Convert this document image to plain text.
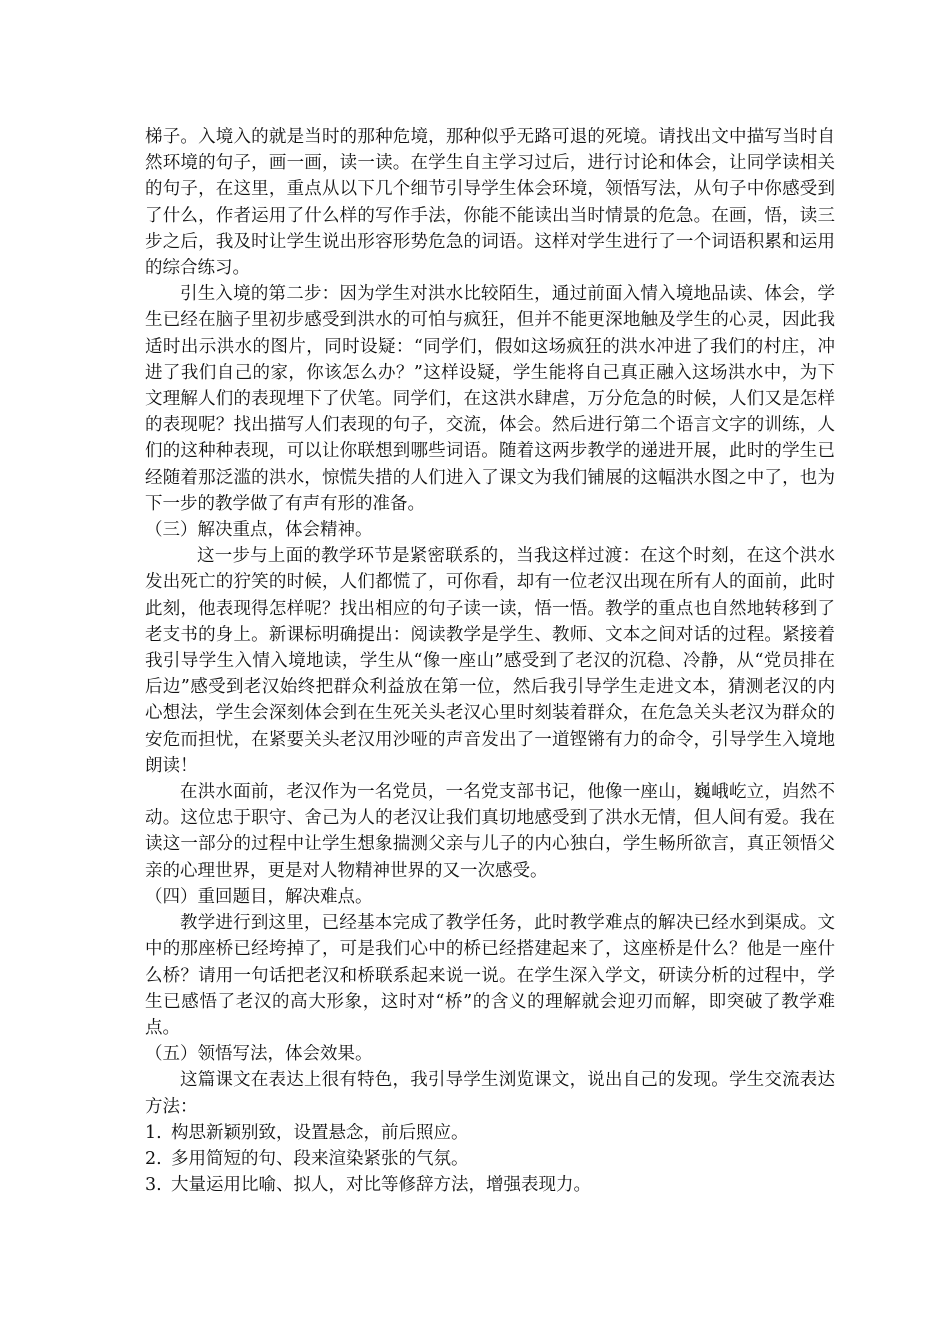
梯子。入境入的就是当时的那种危境，那种似乎无路可退的死境。请找出文中描写当时自然环境的句子，画一画，读一读。在学生自主学习过后，进行讨论和体会，让同学读相关的句子，在这里，重点从以下几个细节引导学生体会环境，领悟写法，从句子中你感受到了什么，作者运用了什么样的写作手法，你能不能读出当时情景的危急。在画，悟，读三步之后，我及时让学生说出形容形势危急的词语。这样对学生进行了一个词语积累和运用的综合练习。

引生入境的第二步：因为学生对洪水比较陌生，通过前面入情入境地品读、体会，学生已经在脑子里初步感受到洪水的可怕与疯狂，但并不能更深地触及学生的心灵，因此我适时出示洪水的图片，同时设疑：“同学们，假如这场疯狂的洪水冲进了我们的村庄，冲进了我们自己的家，你该怎么办？”这样设疑，学生能将自己真正融入这场洪水中，为下文理解人们的表现埋下了伏笔。同学们，在这洪水肆虐，万分危急的时候，人们又是怎样的表现呢？找出描写人们表现的句子，交流，体会。然后进行第二个语言文字的训练，人们的这种种表现，可以让你联想到哪些词语。随着这两步教学的递进开展，此时的学生已经随着那泛滥的洪水，惊慌失措的人们进入了课文为我们铺展的这幅洪水图之中了，也为下一步的教学做了有声有形的准备。

（三）解决重点，体会精神。

这一步与上面的教学环节是紧密联系的，当我这样过渡：在这个时刻，在这个洪水发出死亡的狞笑的时候，人们都慌了，可你看，却有一位老汉出现在所有人的面前，此时此刻，他表现得怎样呢？找出相应的句子读一读，悟一悟。教学的重点也自然地转移到了老支书的身上。新课标明确提出：阅读教学是学生、教师、文本之间对话的过程。紧接着我引导学生入情入境地读，学生从“像一座山”感受到了老汉的沉稳、冷静，从“党员排在后边”感受到老汉始终把群众利益放在第一位，然后我引导学生走进文本，猜测老汉的内心想法，学生会深刻体会到在生死关头老汉心里时刻装着群众，在危急关头老汉为群众的安危而担忧，在紧要关头老汉用沙哑的声音发出了一道铿锵有力的命令，引导学生入境地朗读！

在洪水面前，老汉作为一名党员，一名党支部书记，他像一座山，巍峨屹立，岿然不动。这位忠于职守、舍己为人的老汉让我们真切地感受到了洪水无情，但人间有爱。我在读这一部分的过程中让学生想象揣测父亲与儿子的内心独白，学生畅所欲言，真正领悟父亲的心理世界，更是对人物精神世界的又一次感受。

（四）重回题目，解决难点。

教学进行到这里，已经基本完成了教学任务，此时教学难点的解决已经水到渠成。文中的那座桥已经垮掉了，可是我们心中的桥已经搭建起来了，这座桥是什么？他是一座什么桥？请用一句话把老汉和桥联系起来说一说。在学生深入学文，研读分析的过程中，学生已感悟了老汉的高大形象，这时对“桥”的含义的理解就会迎刃而解，即突破了教学难点。

（五）领悟写法，体会效果。

这篇课文在表达上很有特色，我引导学生浏览课文，说出自己的发现。学生交流表达方法：

1. 构思新颖别致，设置悬念，前后照应。

2. 多用简短的句、段来渲染紧张的气氛。

3. 大量运用比喻、拟人，对比等修辞方法，增强表现力。
